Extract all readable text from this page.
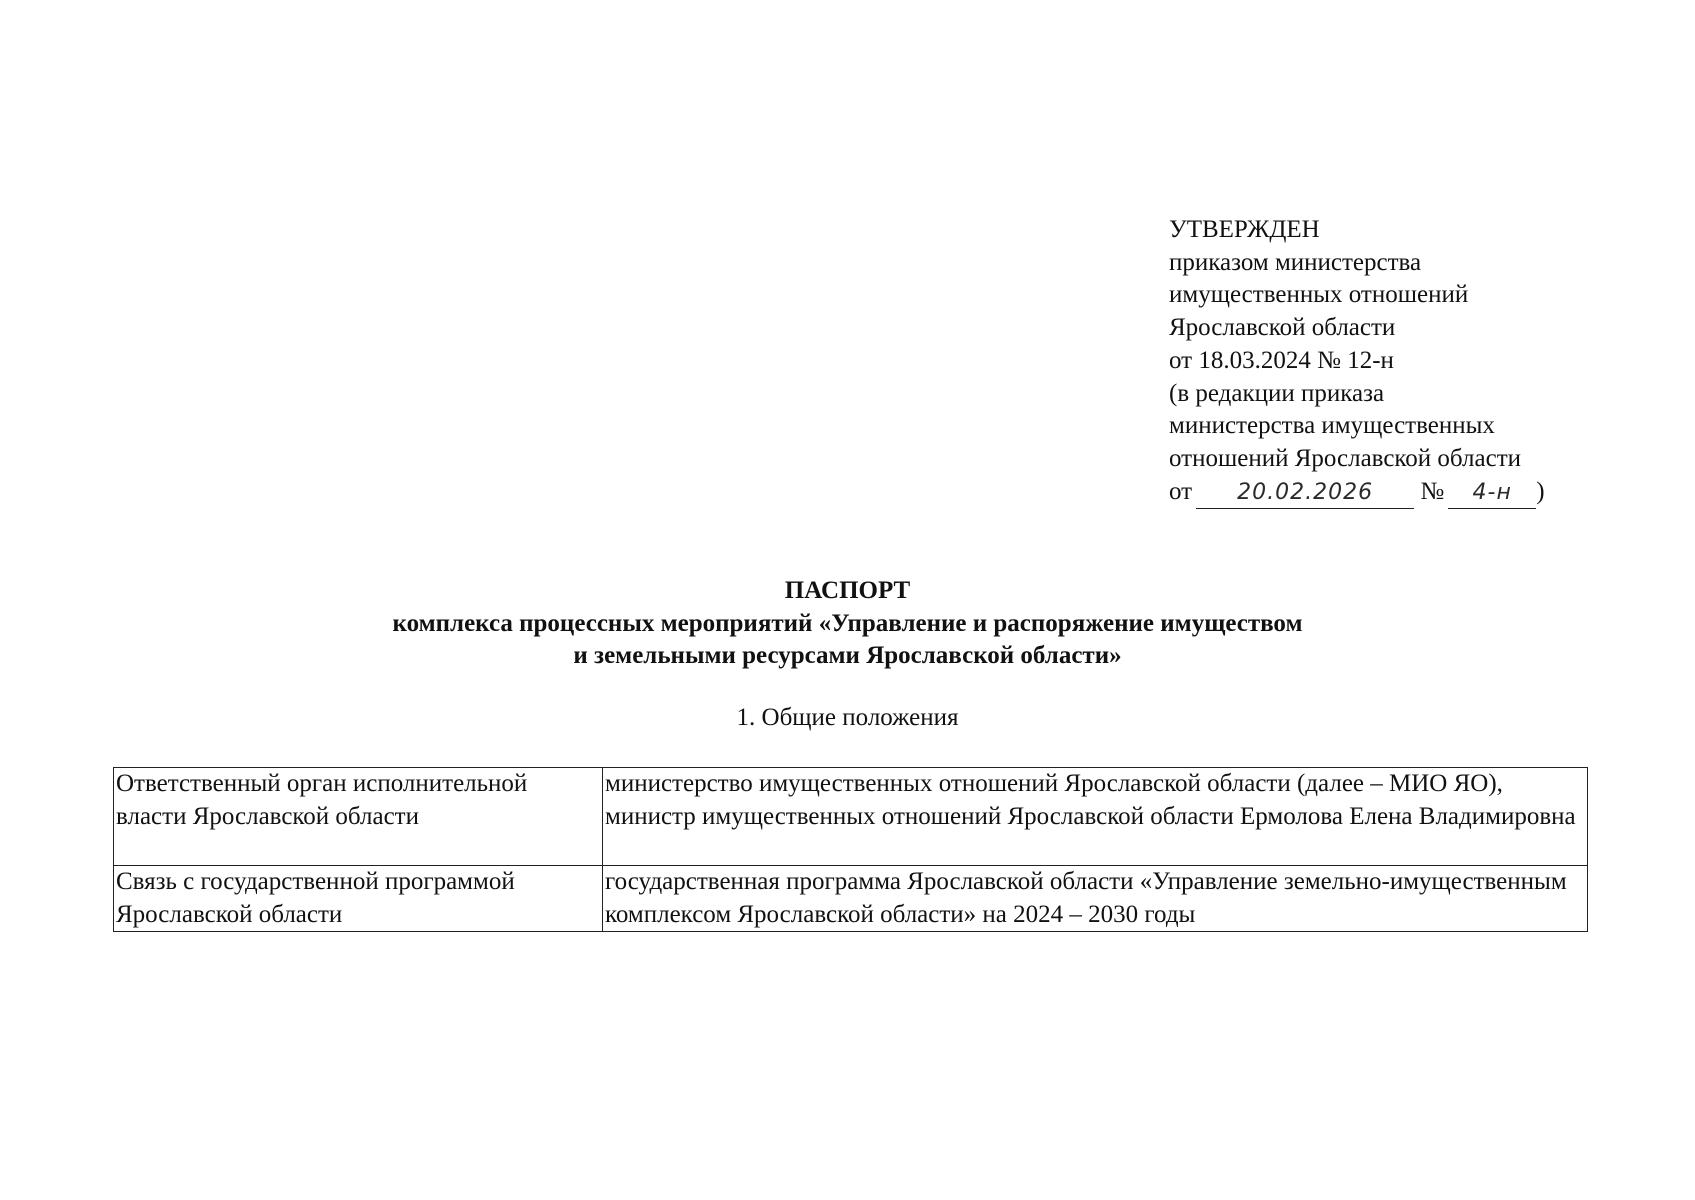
УТВЕРЖДЕН
приказом министерства
имущественных отношений
Ярославской области
от 18.03.2024 № 12-н
(в редакции приказа
министерства имущественных
отношений Ярославской области
от 20.02.2026 № 4-н )
ПАСПОРТ
комплекса процессных мероприятий «Управление и распоряжение имуществом
и земельными ресурсами Ярославской области»
1. Общие положения
Ответственный орган исполнительной власти Ярославской области	министерство имущественных отношений Ярославской области (далее – МИО ЯО), министр имущественных отношений Ярославской области Ермолова Елена Владимировна
Связь с государственной программой Ярославской области	государственная программа Ярославской области «Управление земельно-имущественным комплексом Ярославской области» на 2024 – 2030 годы
